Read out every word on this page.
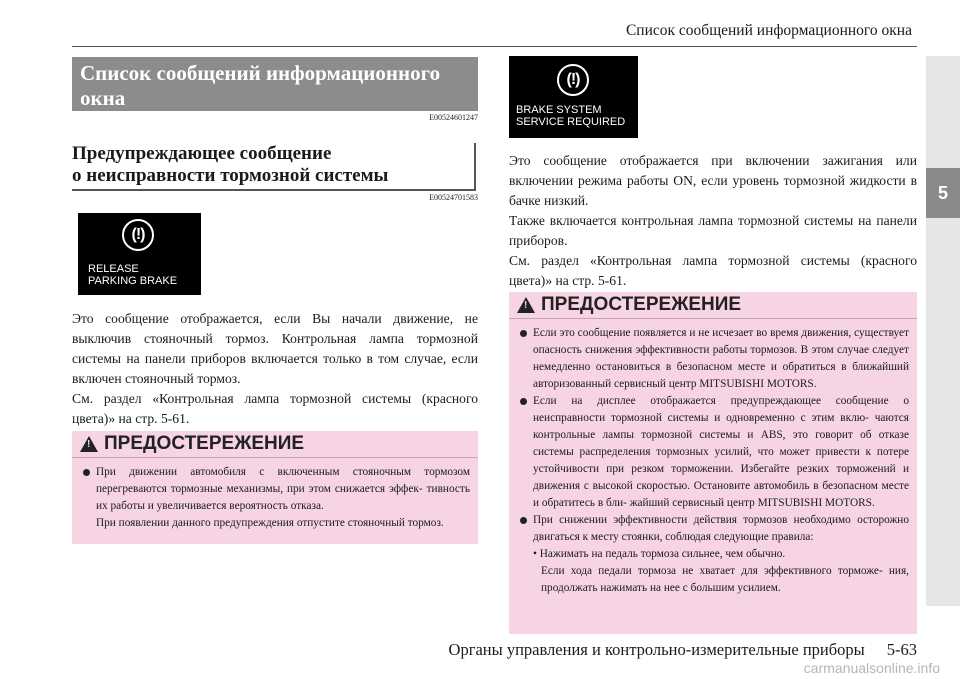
Список сообщений информационного окна
5
Список сообщений информационного окна
E00524601247
Предупреждающее сообщение
о неисправности тормозной системы
E00524701583
(!)
RELEASE
PARKING BRAKE

Это сообщение отображается, если Вы начали движение, не выключив стояночный тормоз. Контрольная лампа тормозной системы на панели приборов включается только в том случае, если включен стояночный тормоз.

См. раздел «Контрольная лампа тормозной системы (красного цвета)» на стр. 5-61.

!
ПРЕДОСТЕРЕЖЕНИЕ

При движении автомобиля с включенным стояночным тормозом перегреваются тормозные механизмы, при этом снижается эффек- тивность их работы и увеличивается вероятность отказа.

При появлении данного предупреждения отпустите стояночный тормоз.

(!)
BRAKE SYSTEM
SERVICE REQUIRED

Это сообщение отображается при включении зажигания или включении режима работы ON, если уровень тормозной жидкости в бачке низкий.

Также включается контрольная лампа тормозной системы на панели приборов.

См. раздел «Контрольная лампа тормозной системы (красного цвета)» на стр. 5-61.

!
ПРЕДОСТЕРЕЖЕНИЕ

Если это сообщение появляется и не исчезает во время движения, существует опасность снижения эффективности работы тормозов. В этом случае следует немедленно остановиться в безопасном месте и обратиться в ближайший авторизованный сервисный центр MITSUBISHI MOTORS.

Если на дисплее отображается предупреждающее сообщение о неисправности тормозной системы и одновременно с этим вклю- чаются контрольные лампы тормозной системы и ABS, это говорит об отказе системы распределения тормозных усилий, что может привести к потере устойчивости при резком торможении. Избегайте резких торможений и движения с высокой скоростью. Остановите автомобиль в безопасном месте и обратитесь в бли- жайший сервисный центр MITSUBISHI MOTORS.

При снижении эффективности действия тормозов необходимо осторожно двигаться к месту стоянки, соблюдая следующие правила:

• Нажимать на педаль тормоза сильнее, чем обычно.

Если хода педали тормоза не хватает для эффективного торможе- ния, продолжать нажимать на нее с большим усилием.

Органы управления и контрольно-измерительные приборы 5-63
carmanualsonline.info
